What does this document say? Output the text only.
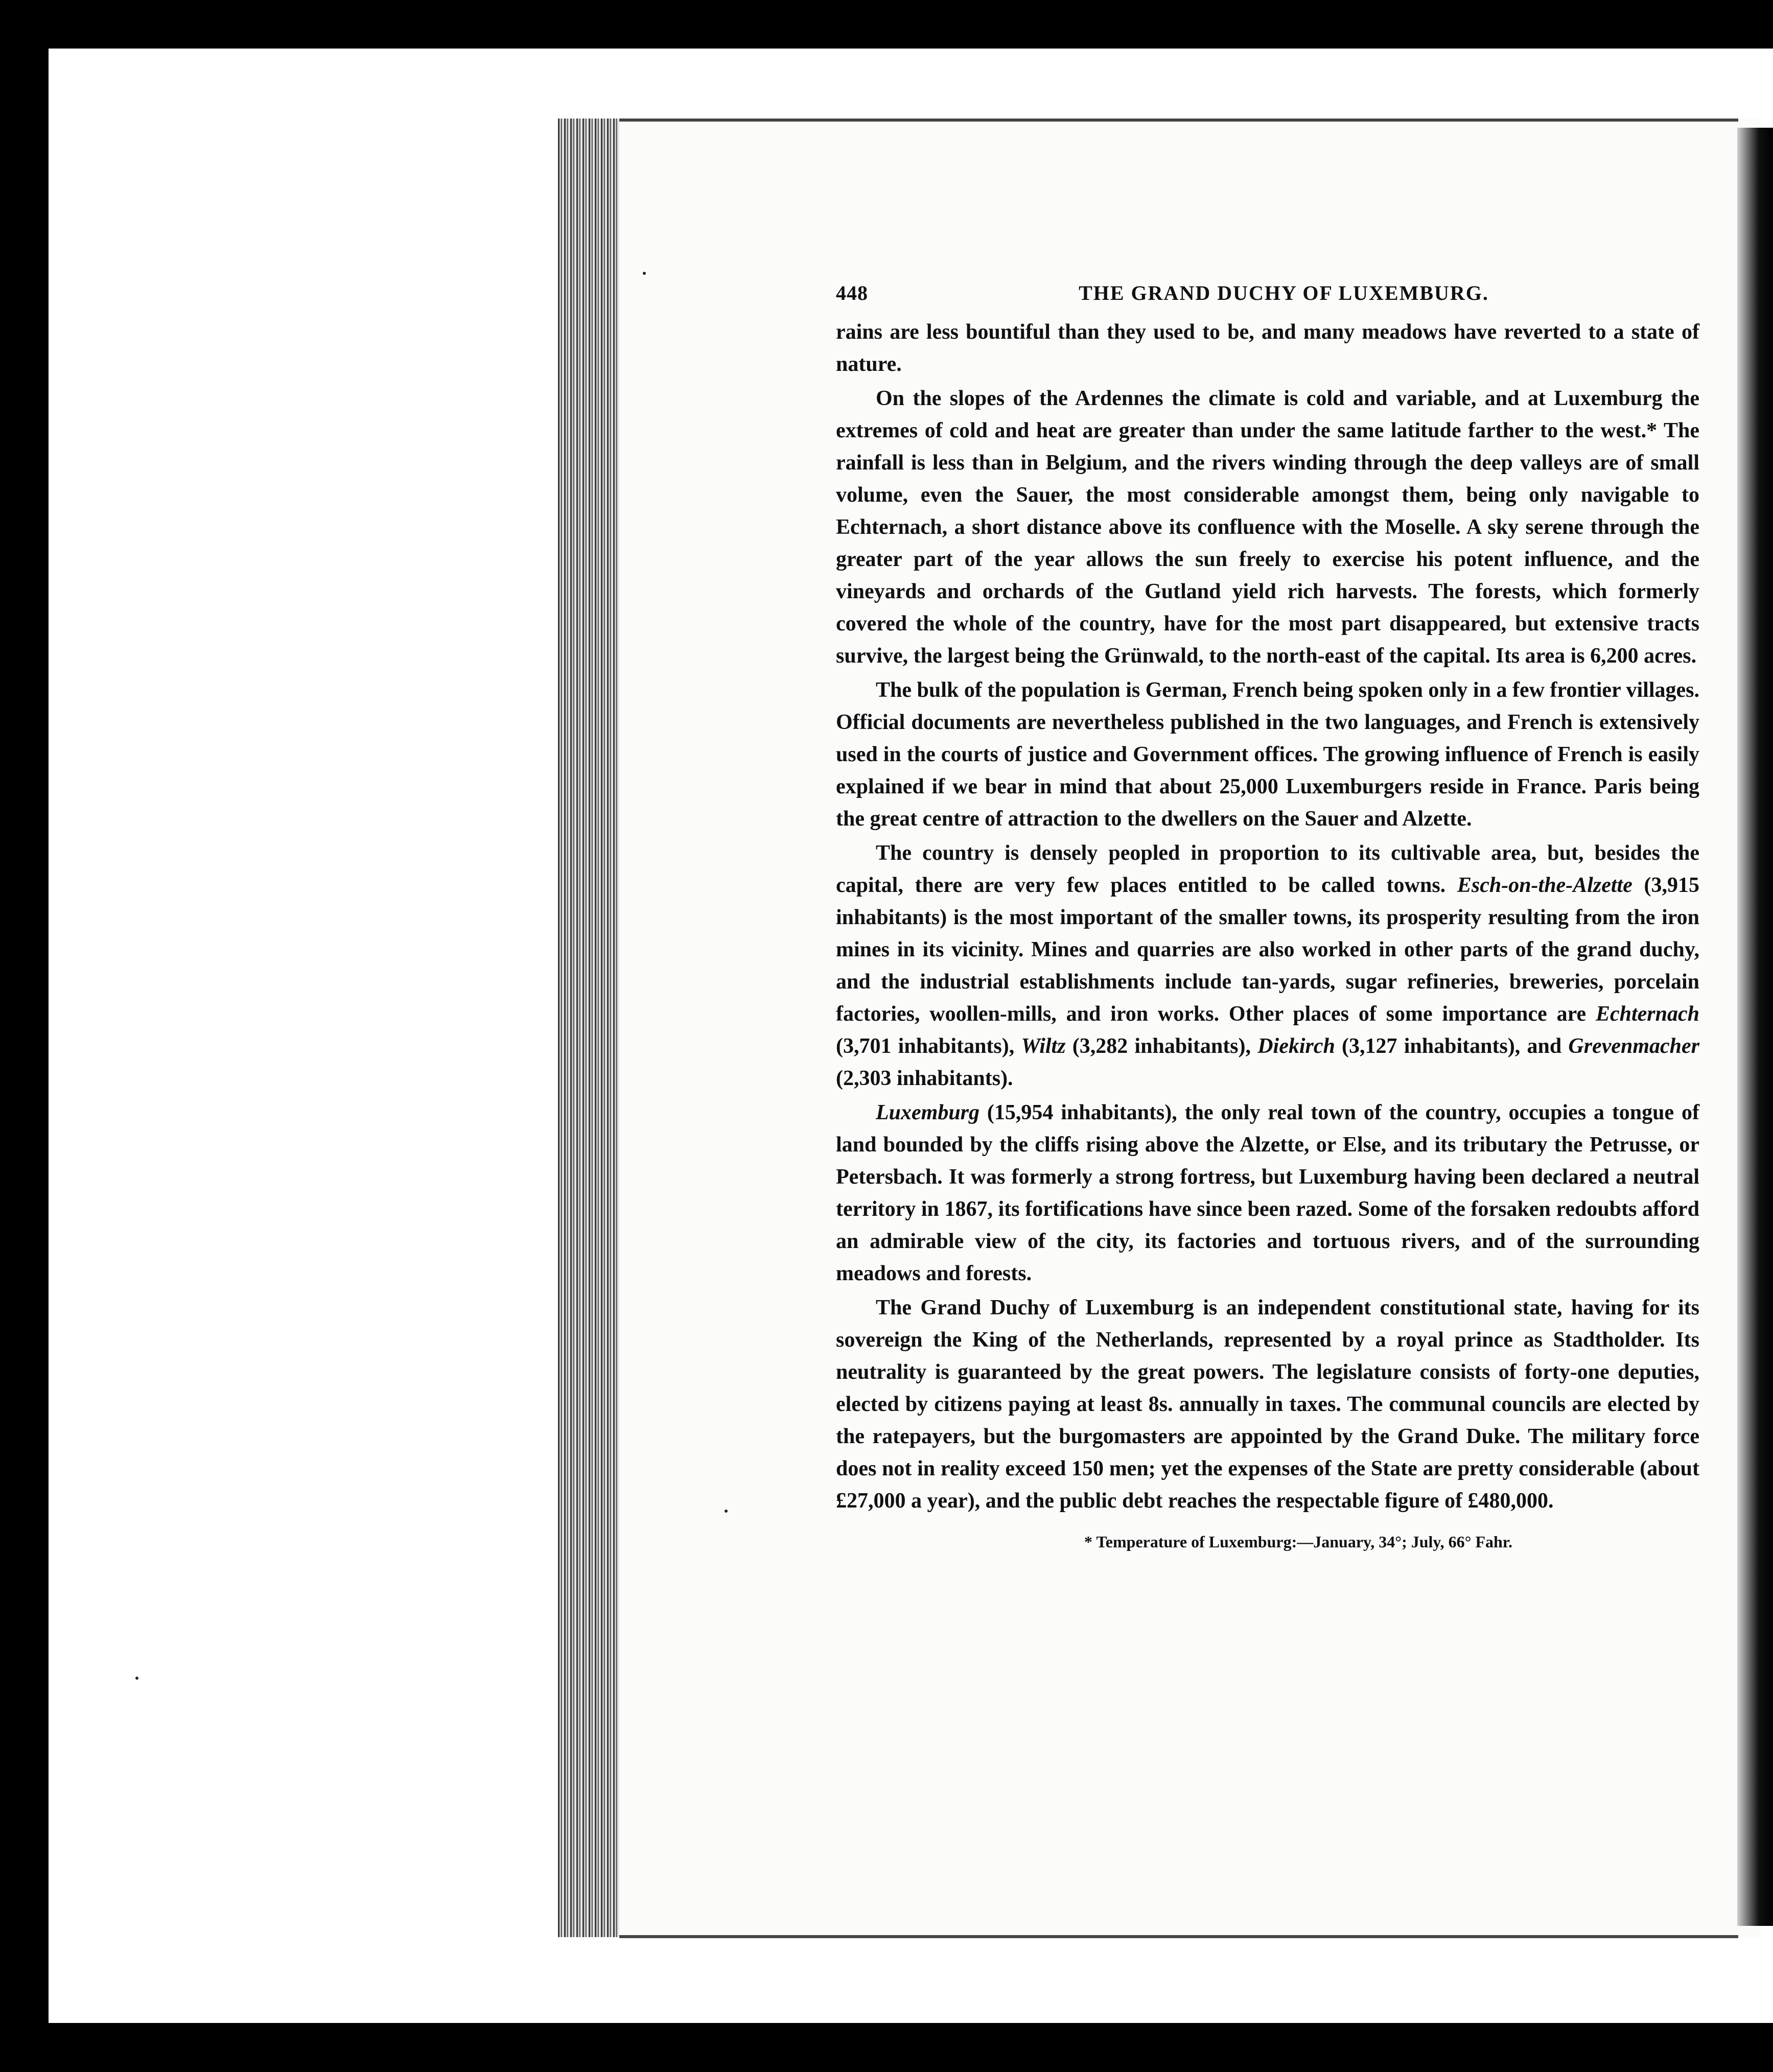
448	THE GRAND DUCHY OF LUXEMBURG.

rains are less bountiful than they used to be, and many meadows have reverted to a state of nature.

On the slopes of the Ardennes the climate is cold and variable, and at Luxemburg the extremes of cold and heat are greater than under the same latitude farther to the west.* The rainfall is less than in Belgium, and the rivers winding through the deep valleys are of small volume, even the Sauer, the most considerable amongst them, being only navigable to Echternach, a short distance above its confluence with the Moselle. A sky serene through the greater part of the year allows the sun freely to exercise his potent influence, and the vineyards and orchards of the Gutland yield rich harvests. The forests, which formerly covered the whole of the country, have for the most part disappeared, but extensive tracts survive, the largest being the Grünwald, to the north-east of the capital. Its area is 6,200 acres.

The bulk of the population is German, French being spoken only in a few frontier villages. Official documents are nevertheless published in the two languages, and French is extensively used in the courts of justice and Government offices. The growing influence of French is easily explained if we bear in mind that about 25,000 Luxemburgers reside in France. Paris being the great centre of attraction to the dwellers on the Sauer and Alzette.

The country is densely peopled in proportion to its cultivable area, but, besides the capital, there are very few places entitled to be called towns. Esch-on-the-Alzette (3,915 inhabitants) is the most important of the smaller towns, its prosperity resulting from the iron mines in its vicinity. Mines and quarries are also worked in other parts of the grand duchy, and the industrial establishments include tan-yards, sugar refineries, breweries, porcelain factories, woollen-mills, and iron works. Other places of some importance are Echternach (3,701 inhabitants), Wiltz (3,282 inhabitants), Diekirch (3,127 inhabitants), and Grevenmacher (2,303 inhabitants).

Luxemburg (15,954 inhabitants), the only real town of the country, occupies a tongue of land bounded by the cliffs rising above the Alzette, or Else, and its tributary the Petrusse, or Petersbach. It was formerly a strong fortress, but Luxemburg having been declared a neutral territory in 1867, its fortifications have since been razed. Some of the forsaken redoubts afford an admirable view of the city, its factories and tortuous rivers, and of the surrounding meadows and forests.

The Grand Duchy of Luxemburg is an independent constitutional state, having for its sovereign the King of the Netherlands, represented by a royal prince as Stadtholder. Its neutrality is guaranteed by the great powers. The legislature consists of forty-one deputies, elected by citizens paying at least 8s. annually in taxes. The communal councils are elected by the ratepayers, but the burgomasters are appointed by the Grand Duke. The military force does not in reality exceed 150 men; yet the expenses of the State are pretty considerable (about £27,000 a year), and the public debt reaches the respectable figure of £480,000.

* Temperature of Luxemburg:—January, 34°; July, 66° Fahr.
